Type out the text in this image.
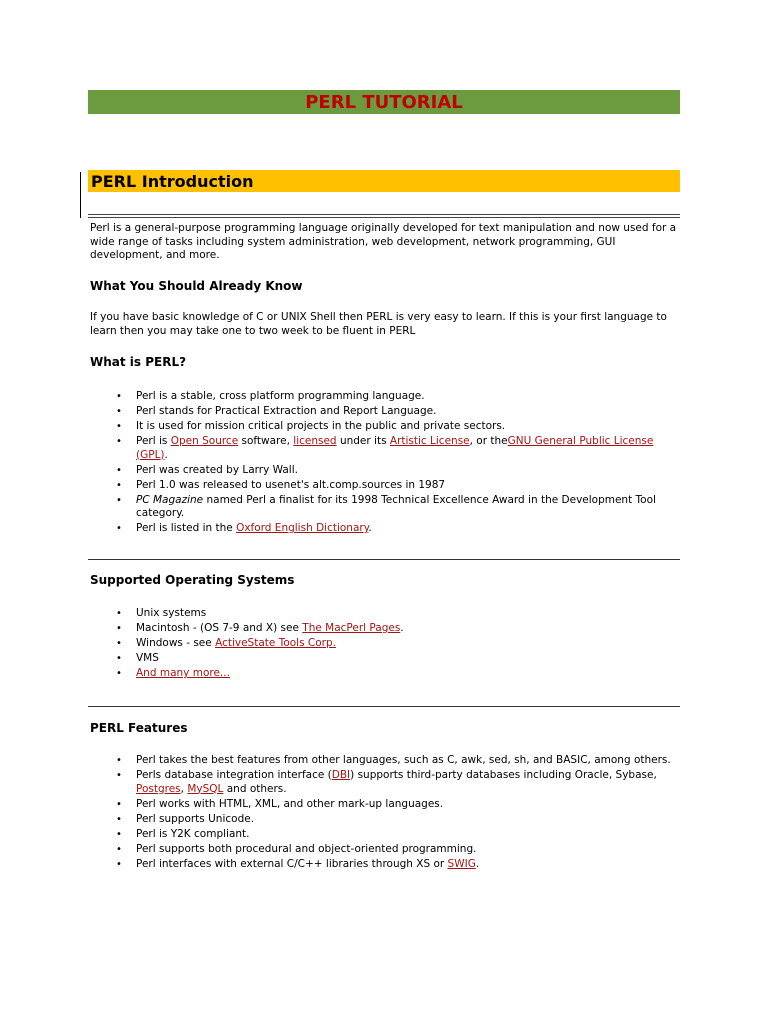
PERL TUTORIAL
PERL Introduction

Perl is a general-purpose programming language originally developed for text manipulation and now used for a wide range of tasks including system administration, web development, network programming, GUI development, and more.

What You Should Already Know

If you have basic knowledge of C or UNIX Shell then PERL is very easy to learn. If this is your first language to learn then you may take one to two week to be fluent in PERL

What is PERL?
• Perl is a stable, cross platform programming language.
• Perl stands for Practical Extraction and Report Language.
• It is used for mission critical projects in the public and private sectors.
• Perl is Open Source software, licensed under its Artistic License, or theGNU General Public License (GPL).
• Perl was created by Larry Wall.
• Perl 1.0 was released to usenet's alt.comp.sources in 1987
• PC Magazine named Perl a finalist for its 1998 Technical Excellence Award in the Development Tool category.
• Perl is listed in the Oxford English Dictionary.
Supported Operating Systems
• Unix systems
• Macintosh - (OS 7-9 and X) see The MacPerl Pages.
• Windows - see ActiveState Tools Corp.
• VMS
• And many more...
PERL Features
• Perl takes the best features from other languages, such as C, awk, sed, sh, and BASIC, among others.
• Perls database integration interface (DBI) supports third-party databases including Oracle, Sybase, Postgres, MySQL and others.
• Perl works with HTML, XML, and other mark-up languages.
• Perl supports Unicode.
• Perl is Y2K compliant.
• Perl supports both procedural and object-oriented programming.
• Perl interfaces with external C/C++ libraries through XS or SWIG.
